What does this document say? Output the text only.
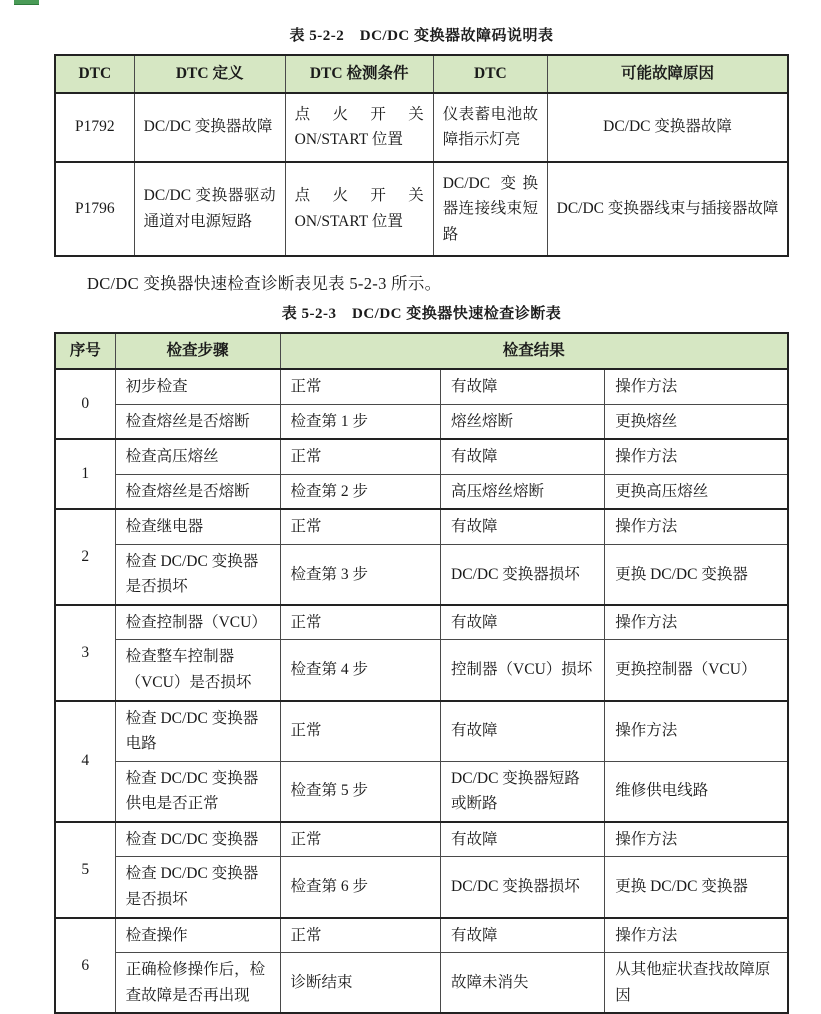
表 5-2-2　DC/DC 变换器故障码说明表
DTC	DTC 定义	DTC 检测条件	DTC	可能故障原因
P1792	DC/DC 变换器故障	点火开关 ON/START 位置	仪表蓄电池故障指示灯亮	DC/DC 变换器故障
P1796	DC/DC 变换器驱动通道对电源短路	点火开关 ON/START 位置	DC/DC 变换器连接线束短路	DC/DC 变换器线束与插接器故障

DC/DC 变换器快速检查诊断表见表 5-2-3 所示。

表 5-2-3　DC/DC 变换器快速检查诊断表
序号	检查步骤	检查结果		
0	初步检查	正常	有故障	操作方法
	检查熔丝是否熔断	检查第 1 步	熔丝熔断	更换熔丝
1	检查高压熔丝	正常	有故障	操作方法
	检查熔丝是否熔断	检查第 2 步	高压熔丝熔断	更换高压熔丝
2	检查继电器	正常	有故障	操作方法
	检查 DC/DC 变换器是否损坏	检查第 3 步	DC/DC 变换器损坏	更换 DC/DC 变换器
3	检查控制器（VCU）	正常	有故障	操作方法
	检查整车控制器（VCU）是否损坏	检查第 4 步	控制器（VCU）损坏	更换控制器（VCU）
4	检查 DC/DC 变换器电路	正常	有故障	操作方法
	检查 DC/DC 变换器供电是否正常	检查第 5 步	DC/DC 变换器短路或断路	维修供电线路
5	检查 DC/DC 变换器	正常	有故障	操作方法
	检查 DC/DC 变换器是否损坏	检查第 6 步	DC/DC 变换器损坏	更换 DC/DC 变换器
6	检查操作	正常	有故障	操作方法
	正确检修操作后，检查故障是否再出现	诊断结束	故障未消失	从其他症状查找故障原因
